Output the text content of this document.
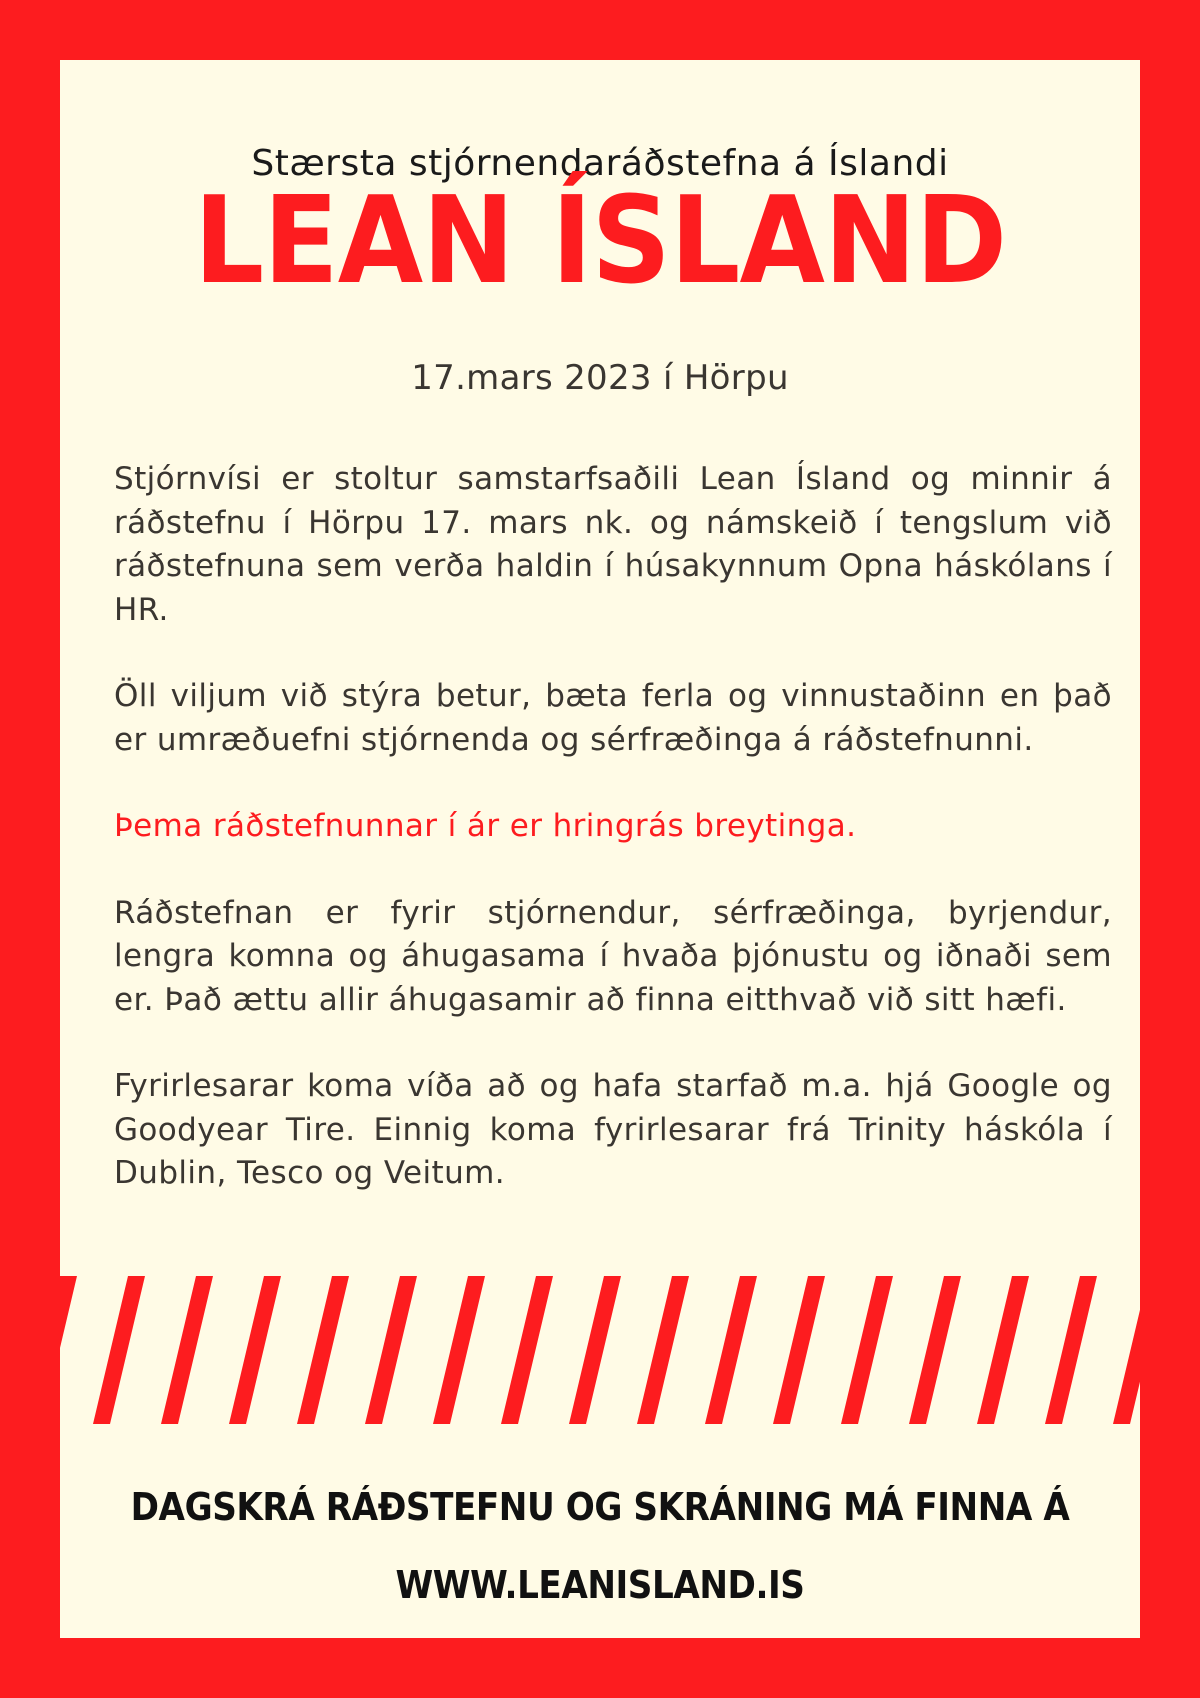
Stærsta stjórnendaráðstefna á Íslandi
LEAN ÍSLAND
17.mars 2023 í Hörpu

Stjórnvísi er stoltur samstarfsaðili Lean Ísland og minnir á ráðstefnu í Hörpu 17. mars nk. og námskeið í tengslum við ráðstefnuna sem verða haldin í húsakynnum Opna háskólans í HR.

Öll viljum við stýra betur, bæta ferla og vinnustaðinn en það er umræðuefni stjórnenda og sérfræðinga á ráðstefnunni.

Þema ráðstefnunnar í ár er hringrás breytinga.

Ráðstefnan er fyrir stjórnendur, sérfræðinga, byrjendur, lengra komna og áhugasama í hvaða þjónustu og iðnaði sem er. Það ættu allir áhugasamir að finna eitthvað við sitt hæfi.

Fyrirlesarar koma víða að og hafa starfað m.a. hjá Google og Goodyear Tire. Einnig koma fyrirlesarar frá Trinity háskóla í Dublin, Tesco og Veitum.

DAGSKRÁ RÁÐSTEFNU OG SKRÁNING MÁ FINNA Á
WWW.LEANISLAND.IS
